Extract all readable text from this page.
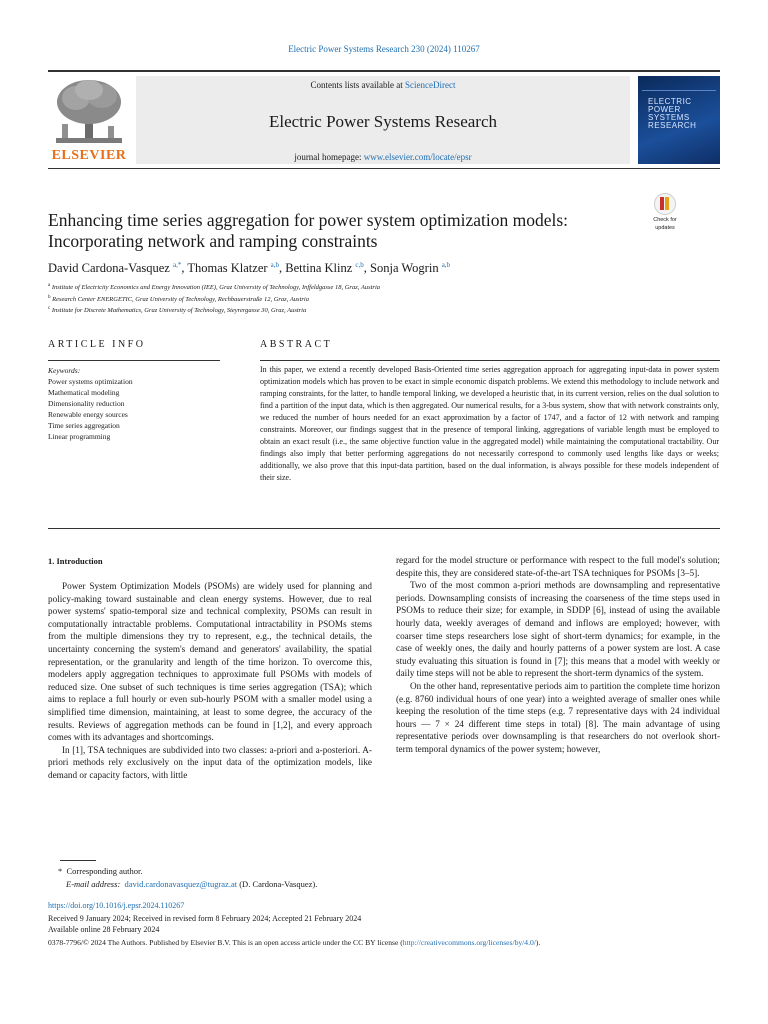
Electric Power Systems Research 230 (2024) 110267
ELSEVIER
Contents lists available at ScienceDirect
Electric Power Systems Research
journal homepage: www.elsevier.com/locate/epsr
ELECTRIC
POWER
SYSTEMS
RESEARCH
Enhancing time series aggregation for power system optimization models: Incorporating network and ramping constraints
Check for
updates
David Cardona-Vasquez $^{a,*}$, Thomas Klatzer $^{a,b}$, Bettina Klinz $^{c,b}$, Sonja Wogrin $^{a,b}$
$^a$ Institute of Electricity Economics and Energy Innovation (IEE), Graz University of Technology, Inffeldgasse 18, Graz, Austria
$^b$ Research Center ENERGETIC, Graz University of Technology, Rechbauerstraße 12, Graz, Austria
$^c$ Institute for Discrete Mathematics, Graz University of Technology, Steyrergasse 30, Graz, Austria
ARTICLE INFO
Keywords:
Power systems optimization
Mathematical modeling
Dimensionality reduction
Renewable energy sources
Time series aggregation
Linear programming
ABSTRACT
In this paper, we extend a recently developed Basis-Oriented time series aggregation approach for aggregating input-data in power system optimization models which has proven to be exact in simple economic dispatch problems. We extend this methodology to include network and ramping constraints, for the latter, to handle temporal linking, we developed a heuristic that, in its current version, relies on the dual solution to find a partition of the input data, which is then aggregated. Our numerical results, for a 3-bus system, show that with network constraints only, we reduced the number of hours needed for an exact approximation by a factor of 1747, and a factor of 12 with network and ramping constraints. Moreover, our findings suggest that in the presence of temporal linking, aggregations of variable length must be employed to obtain an exact result (i.e., the same objective function value in the aggregated model) while maintaining the computational tractability. Our findings also imply that better performing aggregations do not necessarily correspond to commonly used lengths like days or weeks; additionally, we also prove that this input-data partition, based on the dual information, is always possible for these models independent of their size.
1. Introduction

Power System Optimization Models (PSOMs) are widely used for planning and policy-making toward sustainable and clean energy systems. However, due to real power systems' spatio-temporal size and technical complexity, PSOMs can result in computationally intractable problems. Computational intractability in PSOMs stems from the multiple dimensions they try to represent, e.g., the technical details, the uncertainty concerning the system's demand and generators' availability, the spatial representation, or the granularity and length of the time horizon. To overcome this, modelers apply aggregation techniques to approximate full PSOMs with models of reduced size. One subset of such techniques is time series aggregation (TSA); which aims to replace a full hourly or even sub-hourly PSOM with a smaller model using a simplified time dimension, maintaining, at least to some degree, the accuracy of the results. Reviews of aggregation methods can be found in [1,2], and every approach comes with its advantages and shortcomings.

In [1], TSA techniques are subdivided into two classes: a-priori and a-posteriori. A-priori methods rely exclusively on the input data of the optimization models, like demand or capacity factors, with little

regard for the model structure or performance with respect to the full model's solution; despite this, they are considered state-of-the-art TSA techniques for PSOMs [3–5].

Two of the most common a-priori methods are downsampling and representative periods. Downsampling consists of increasing the coarseness of the time steps used in PSOMs to reduce their size; for example, in SDDP [6], instead of using the available hourly data, weekly averages of demand and inflows are employed; however, with coarser time steps researchers lose sight of short-term dynamics; for example, in the case of weekly ones, the daily and hourly patterns of a power system are lost. A case study evaluating this situation is found in [7]; this means that a model with weekly or daily time steps will not be able to represent the short-term dynamics of the system.

On the other hand, representative periods aim to partition the complete time horizon (e.g. 8760 individual hours of one year) into a weighted average of smaller ones while keeping the resolution of the time steps (e.g. 7 representative days with 24 individual hours — 7 × 24 different time steps in total) [8]. The main advantage of using representative periods over downsampling is that researchers do not overlook short-term temporal dynamics of the power system; however,

* Corresponding author.
E-mail address: david.cardonavasquez@tugraz.at (D. Cardona-Vasquez).
https://doi.org/10.1016/j.epsr.2024.110267
Received 9 January 2024; Received in revised form 8 February 2024; Accepted 21 February 2024
Available online 28 February 2024
0378-7796/© 2024 The Authors. Published by Elsevier B.V. This is an open access article under the CC BY license (http://creativecommons.org/licenses/by/4.0/).
